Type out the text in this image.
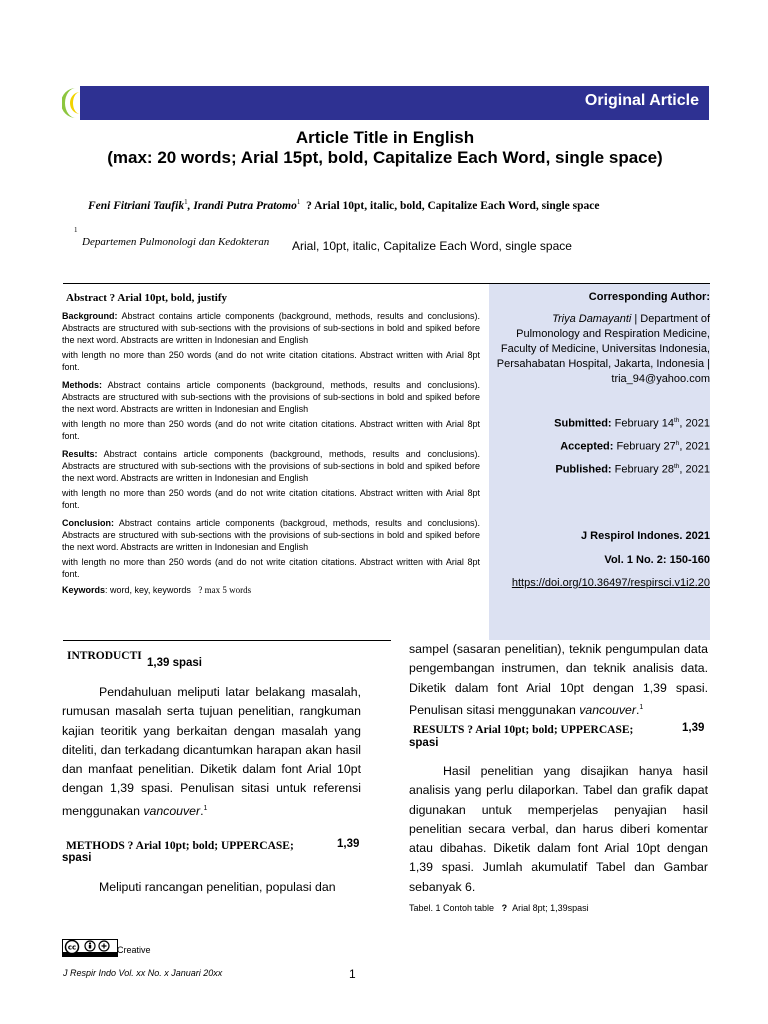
Original Article
Article Title in English
(max: 20 words; Arial 15pt, bold, Capitalize Each Word, single space)
Feni Fitriani Taufik$^1$, Irandi Putra Pratomo$^1$ ? Arial 10pt, italic, bold, Capitalize Each Word, single space
1
Departemen Pulmonologi dan Kedokteran	Arial, 10pt, italic, Capitalize Each Word, single space
Abstract ? Arial 10pt, bold, justify
Background: Abstract contains article components (background, methods, results and conclusions). Abstracts are structured with sub-sections with the provisions of sub-sections in bold and spiked before the next word. Abstracts are written in Indonesian and English
with length no more than 250 words (and do not write citation citations. Abstract written with Arial 8pt font.
Methods: Abstract contains article components (background, methods, results and conclusions). Abstracts are structured with sub-sections with the provisions of sub-sections in bold and spiked before the next word. Abstracts are written in Indonesian and English
with length no more than 250 words (and do not write citation citations. Abstract written with Arial 8pt font.
Results: Abstract contains article components (background, methods, results and conclusions). Abstracts are structured with sub-sections with the provisions of sub-sections in bold and spiked before the next word. Abstracts are written in Indonesian and English
with length no more than 250 words (and do not write citation citations. Abstract written with Arial 8pt font.
Conclusion: Abstract contains article components (backgroud, methods, results and conclusions). Abstracts are structured with sub-sections with the provisions of sub-sections in bold and spiked before the next word. Abstracts are written in Indonesian and English
with length no more than 250 words (and do not write citation citations. Abstract written with Arial 8pt font.
Keywords: word, key, keywords ? max 5 words
Corresponding Author:
Triya Damayanti | Department of Pulmonology and Respiration Medicine, Faculty of Medicine, Universitas Indonesia, Persahabatan Hospital, Jakarta, Indonesia | tria_94@yahoo.com
Submitted: February 14th, 2021
Accepted: February 27$^h$, 2021
Published: February 28th, 2021
J Respirol Indones. 2021
Vol. 1 No. 2: 150-160
https://doi.org/10.36497/respirsci.v1i2.20
INTRODUCTI
1,39 spasi
Pendahuluan meliputi latar belakang masalah, rumusan masalah serta tujuan penelitian, rangkuman kajian teoritik yang berkaitan dengan masalah yang diteliti, dan terkadang dicantumkan harapan akan hasil dan manfaat penelitian. Diketik dalam font Arial 10pt dengan 1,39 spasi. Penulisan sitasi untuk referensi menggunakan vancouver.$^1$
METHODS ? Arial 10pt; bold; UPPERCASE;	1,39
spasi
Meliputi rancangan penelitian, populasi dan
sampel (sasaran penelitian), teknik pengumpulan data pengembangan instrumen, dan teknik analisis data. Diketik dalam font Arial 10pt dengan 1,39 spasi. Penulisan sitasi menggunakan vancouver.$^1$
RESULTS ? Arial 10pt; bold; UPPERCASE;	1,39
spasi
Hasil penelitian yang disajikan hanya hasil analisis yang perlu dilaporkan. Tabel dan grafik dapat digunakan untuk memperjelas penyajian hasil penelitian secara verbal, dan harus diberi komentar atau dibahas. Diketik dalam font Arial 10pt dengan 1,39 spasi. Jumlah akumulatif Tabel dan Gambar sebanyak 6.
Tabel. 1 Contoh table ? Arial 8pt; 1,39spasi
cc	Creative
J Respir Indo Vol. xx No. x Januari 20xx	1
